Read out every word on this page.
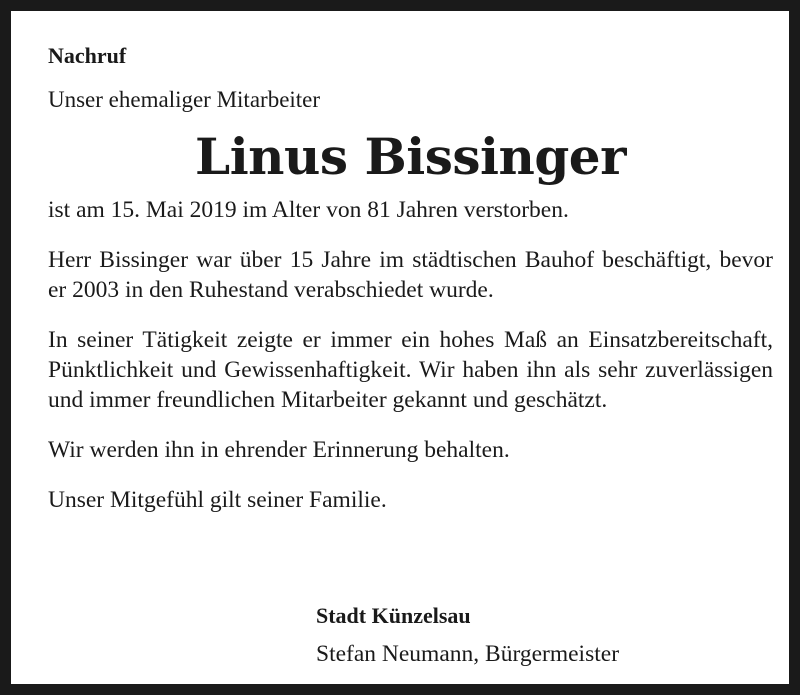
Nachruf

Unser ehemaliger Mitarbeiter

Linus Bissinger

ist am 15. Mai 2019 im Alter von 81 Jahren verstorben.

Herr Bissinger war über 15 Jahre im städtischen Bauhof beschäftigt, bevor er 2003 in den Ruhestand verabschiedet wurde.

In seiner Tätigkeit zeigte er immer ein hohes Maß an Einsatzbereitschaft, Pünktlichkeit und Gewissenhaftigkeit. Wir haben ihn als sehr zuverlässigen und immer freundlichen Mitarbeiter gekannt und geschätzt.

Wir werden ihn in ehrender Erinnerung behalten.

Unser Mitgefühl gilt seiner Familie.

Stadt Künzelsau

Stefan Neumann, Bürgermeister
